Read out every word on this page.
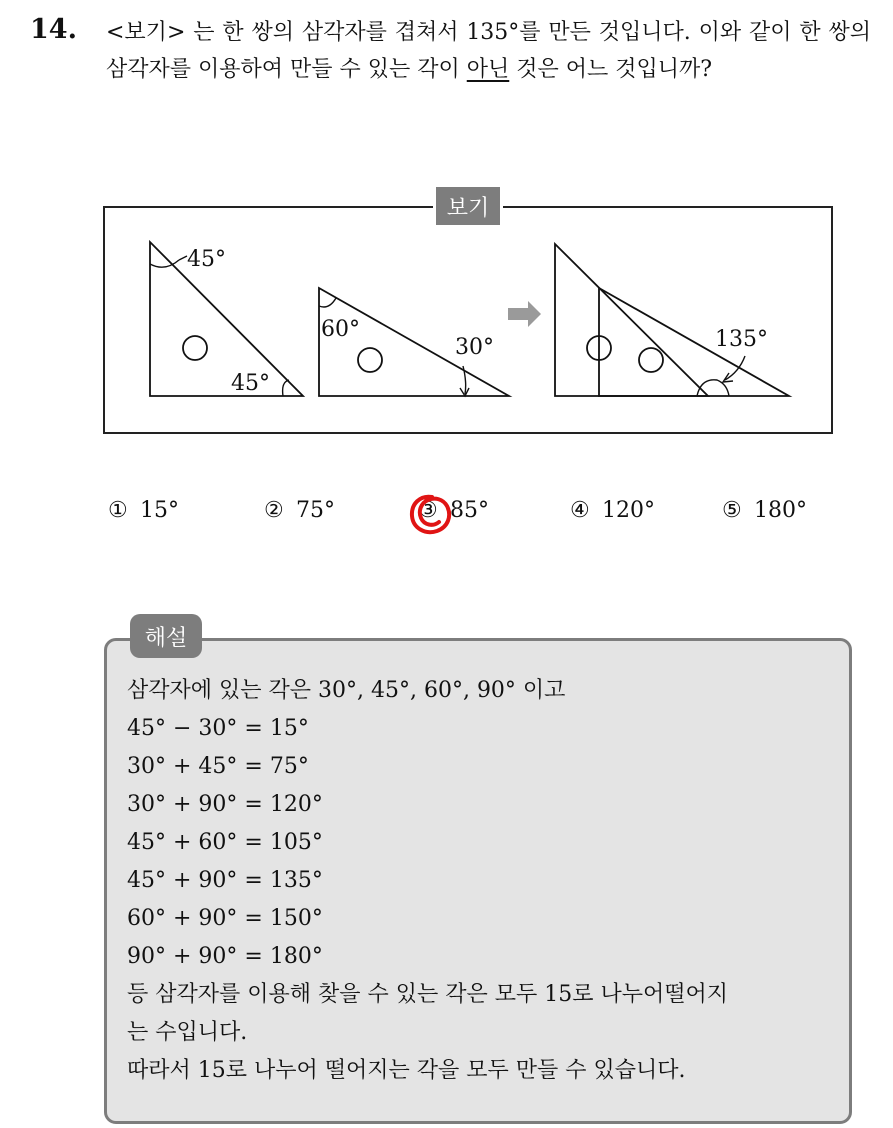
14. <보기> 는 한 쌍의 삼각자를 겹쳐서 135°를 만든 것입니다. 이와 같이 한 쌍의 삼각자를 이용하여 만들 수 있는 각이 아닌 것은 어느 것입니까?
45°
45°
60°
30°	135°
보기
① 15°	② 75°	③ 85°	④ 120°	⑤ 180°
해설
삼각자에 있는 각은 30°, 45°, 60°, 90° 이고
45° − 30° = 15°
30° + 45° = 75°
30° + 90° = 120°
45° + 60° = 105°
45° + 90° = 135°
60° + 90° = 150°
90° + 90° = 180°
등 삼각자를 이용해 찾을 수 있는 각은 모두 15로 나누어떨어지
는 수입니다.
따라서 15로 나누어 떨어지는 각을 모두 만들 수 있습니다.
